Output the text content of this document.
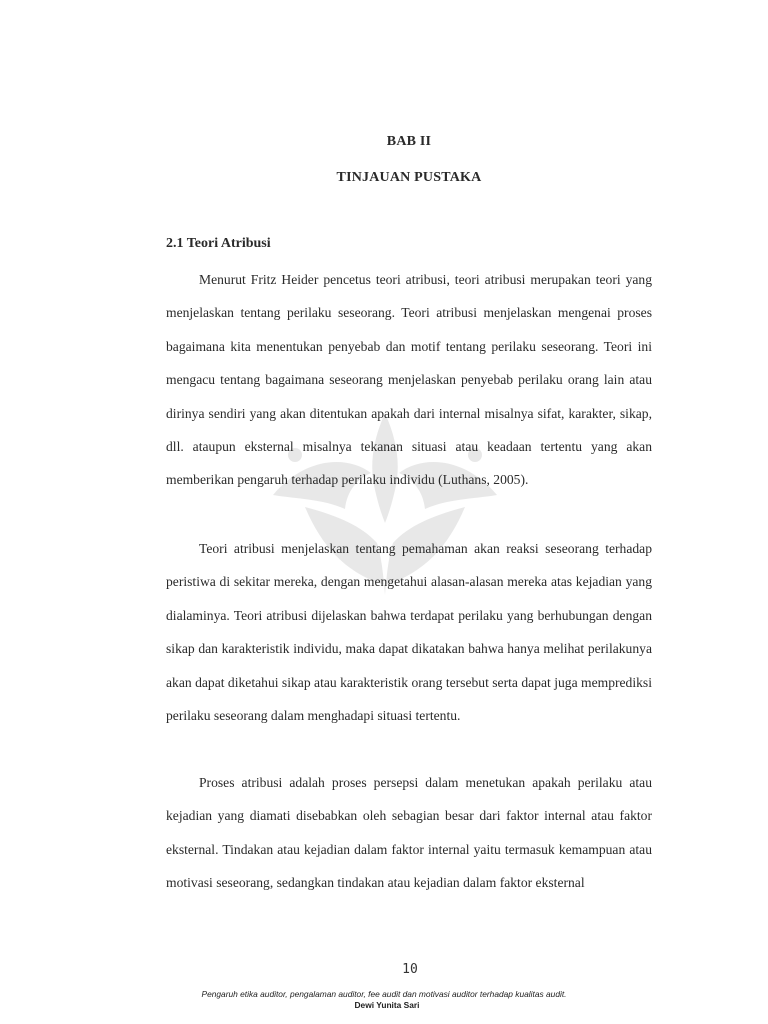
BAB II
TINJAUAN PUSTAKA
2.1 Teori Atribusi

Menurut Fritz Heider pencetus teori atribusi, teori atribusi merupakan teori yang menjelaskan tentang perilaku seseorang. Teori atribusi menjelaskan mengenai proses bagaimana kita menentukan penyebab dan motif tentang perilaku seseorang. Teori ini mengacu tentang bagaimana seseorang menjelaskan penyebab perilaku orang lain atau dirinya sendiri yang akan ditentukan apakah dari internal misalnya sifat, karakter, sikap, dll. ataupun eksternal misalnya tekanan situasi atau keadaan tertentu yang akan memberikan pengaruh terhadap perilaku individu (Luthans, 2005).

Teori atribusi menjelaskan tentang pemahaman akan reaksi seseorang terhadap peristiwa di sekitar mereka, dengan mengetahui alasan-alasan mereka atas kejadian yang dialaminya. Teori atribusi dijelaskan bahwa terdapat perilaku yang berhubungan dengan sikap dan karakteristik individu, maka dapat dikatakan bahwa hanya melihat perilakunya akan dapat diketahui sikap atau karakteristik orang tersebut serta dapat juga memprediksi perilaku seseorang dalam menghadapi situasi tertentu.

Proses atribusi adalah proses persepsi dalam menetukan apakah perilaku atau kejadian yang diamati disebabkan oleh sebagian besar dari faktor internal atau faktor eksternal. Tindakan atau kejadian dalam faktor internal yaitu termasuk kemampuan atau motivasi seseorang, sedangkan tindakan atau kejadian dalam faktor eksternal

10
Pengaruh etika auditor, pengalaman auditor, fee audit dan motivasi auditor terhadap kualitas audit.
Dewi Yunita Sari
